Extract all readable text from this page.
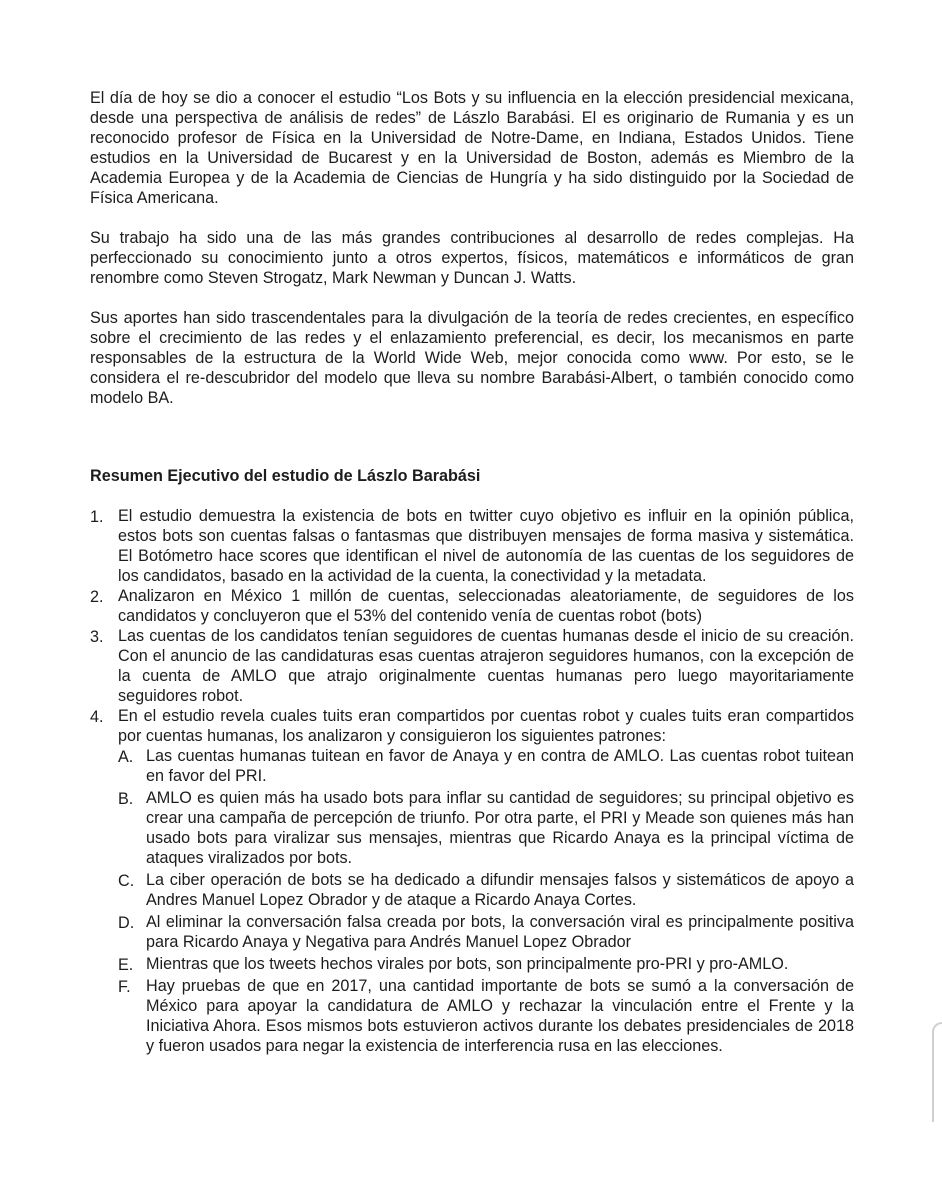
El día de hoy se dio a conocer el estudio “Los Bots y su influencia en la elección presidencial mexicana, desde una perspectiva de análisis de redes” de Lászlo Barabási. El es originario de Rumania y es un reconocido profesor de Física en la Universidad de Notre-Dame, en Indiana, Estados Unidos. Tiene estudios en la Universidad de Bucarest y en la Universidad de Boston, además es Miembro de la Academia Europea y de la Academia de Ciencias de Hungría y ha sido distinguido por la Sociedad de Física Americana.

Su trabajo ha sido una de las más grandes contribuciones al desarrollo de redes complejas. Ha perfeccionado su conocimiento junto a otros expertos, físicos, matemáticos e informáticos de gran renombre como Steven Strogatz, Mark Newman y Duncan J. Watts.

Sus aportes han sido trascendentales para la divulgación de la teoría de redes crecientes, en específico sobre el crecimiento de las redes y el enlazamiento preferencial, es decir, los mecanismos en parte responsables de la estructura de la World Wide Web, mejor conocida como www. Por esto, se le considera el re-descubridor del modelo que lleva su nombre Barabási-Albert, o también conocido como modelo BA.

Resumen Ejecutivo del estudio de Lászlo Barabási
1. El estudio demuestra la existencia de bots en twitter cuyo objetivo es influir en la opinión pública, estos bots son cuentas falsas o fantasmas que distribuyen mensajes de forma masiva y sistemática. El Botómetro hace scores que identifican el nivel de autonomía de las cuentas de los seguidores de los candidatos, basado en la actividad de la cuenta, la conectividad y la metadata.
2. Analizaron en México 1 millón de cuentas, seleccionadas aleatoriamente, de seguidores de los candidatos y concluyeron que el 53% del contenido venía de cuentas robot (bots)
3. Las cuentas de los candidatos tenían seguidores de cuentas humanas desde el inicio de su creación. Con el anuncio de las candidaturas esas cuentas atrajeron seguidores humanos, con la excepción de la cuenta de AMLO que atrajo originalmente cuentas humanas pero luego mayoritariamente seguidores robot.
4. En el estudio revela cuales tuits eran compartidos por cuentas robot y cuales tuits eran compartidos por cuentas humanas, los analizaron y consiguieron los siguientes patrones:
A. Las cuentas humanas tuitean en favor de Anaya y en contra de AMLO. Las cuentas robot tuitean en favor del PRI.
B. AMLO es quien más ha usado bots para inflar su cantidad de seguidores; su principal objetivo es crear una campaña de percepción de triunfo. Por otra parte, el PRI y Meade son quienes más han usado bots para viralizar sus mensajes, mientras que Ricardo Anaya es la principal víctima de ataques viralizados por bots.
C. La ciber operación de bots se ha dedicado a difundir mensajes falsos y sistemáticos de apoyo a Andres Manuel Lopez Obrador y de ataque a Ricardo Anaya Cortes.
D. Al eliminar la conversación falsa creada por bots, la conversación viral es principalmente positiva para Ricardo Anaya y Negativa para Andrés Manuel Lopez Obrador
E. Mientras que los tweets hechos virales por bots, son principalmente pro-PRI y pro-AMLO.
F. Hay pruebas de que en 2017, una cantidad importante de bots se sumó a la conversación de México para apoyar la candidatura de AMLO y rechazar la vinculación entre el Frente y la Iniciativa Ahora. Esos mismos bots estuvieron activos durante los debates presidenciales de 2018 y fueron usados para negar la existencia de interferencia rusa en las elecciones.
